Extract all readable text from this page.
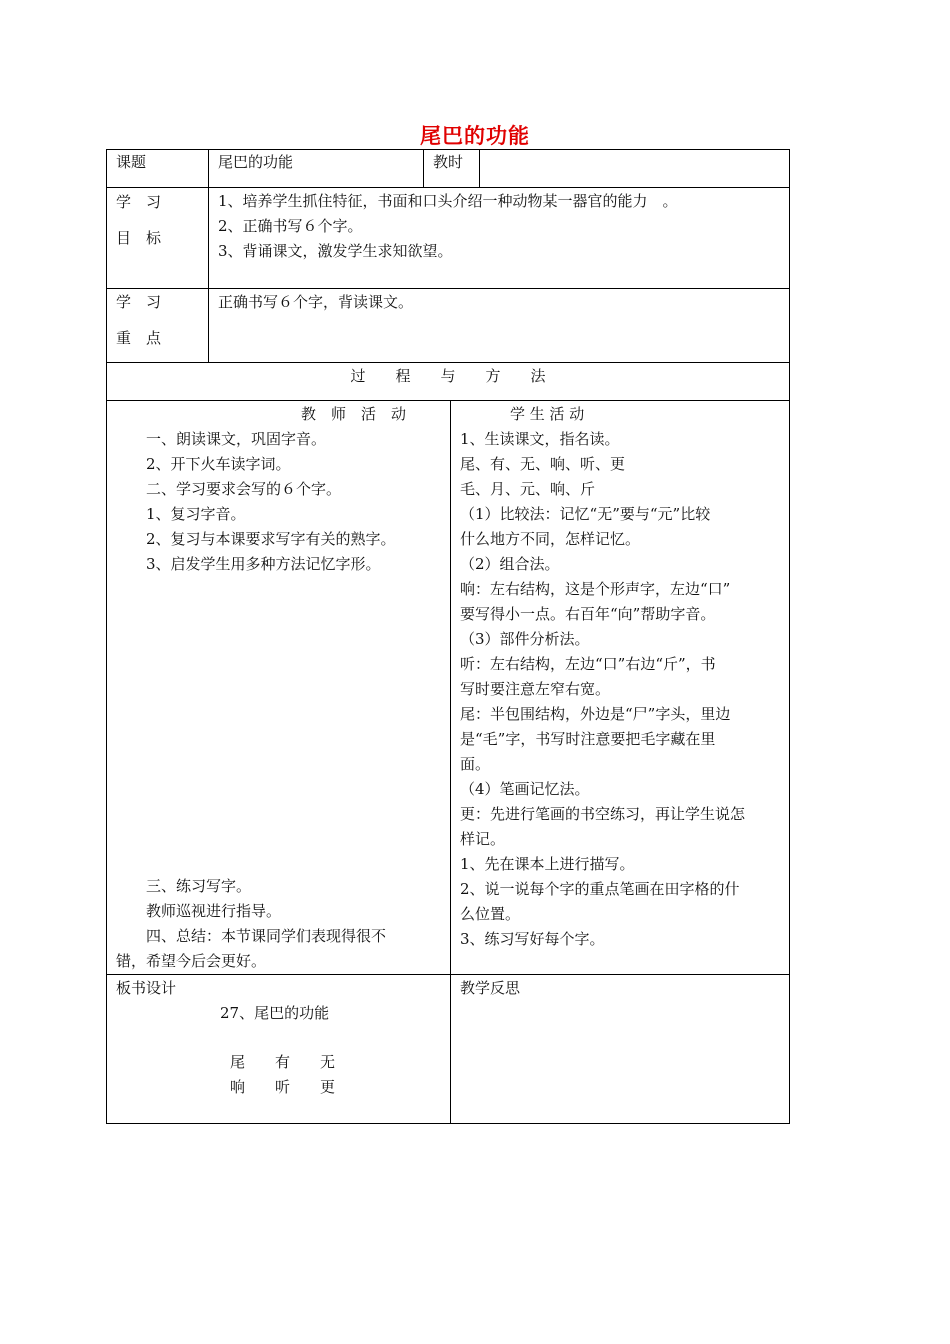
尾巴的功能
课题	尾巴的功能	教时
学　习
目　标
1、培养学生抓住特征，书面和口头介绍一种动物某一器官的能力　。
2、正确书写６个字。
3、背诵课文，激发学生求知欲望。
学　习
重　点
正确书写６个字，背读课文。
过　　程　　与　　方　　法
教　师　活　动
　　一、朗读课文，巩固字音。
　　2、开下火车读字词。
　　二、学习要求会写的６个字。
　　1、复习字音。
　　2、复习与本课要求写字有关的熟字。
　　3、启发学生用多种方法记忆字形。
　　三、练习写字。
　　教师巡视进行指导。
　　四、总结：本节课同学们表现得很不
错，希望今后会更好。
学 生 活 动
1、生读课文，指名读。
尾、有、无、响、听、更
毛、月、元、响、斤
（1）比较法：记忆“无”要与“元”比较
什么地方不同，怎样记忆。
（2）组合法。
响：左右结构，这是个形声字，左边“口”
要写得小一点。右百年“向”帮助字音。
（3）部件分析法。
听：左右结构，左边“口”右边“斤”，书
写时要注意左窄右宽。
尾：半包围结构，外边是“尸”字头，里边
是“毛”字，书写时注意要把毛字藏在里
面。
（4）笔画记忆法。
更：先进行笔画的书空练习，再让学生说怎
样记。
1、先在课本上进行描写。
2、说一说每个字的重点笔画在田字格的什
么位置。
3、练习写好每个字。
板书设计
27、尾巴的功能
尾　　有　　无
响　　听　　更
教学反思
